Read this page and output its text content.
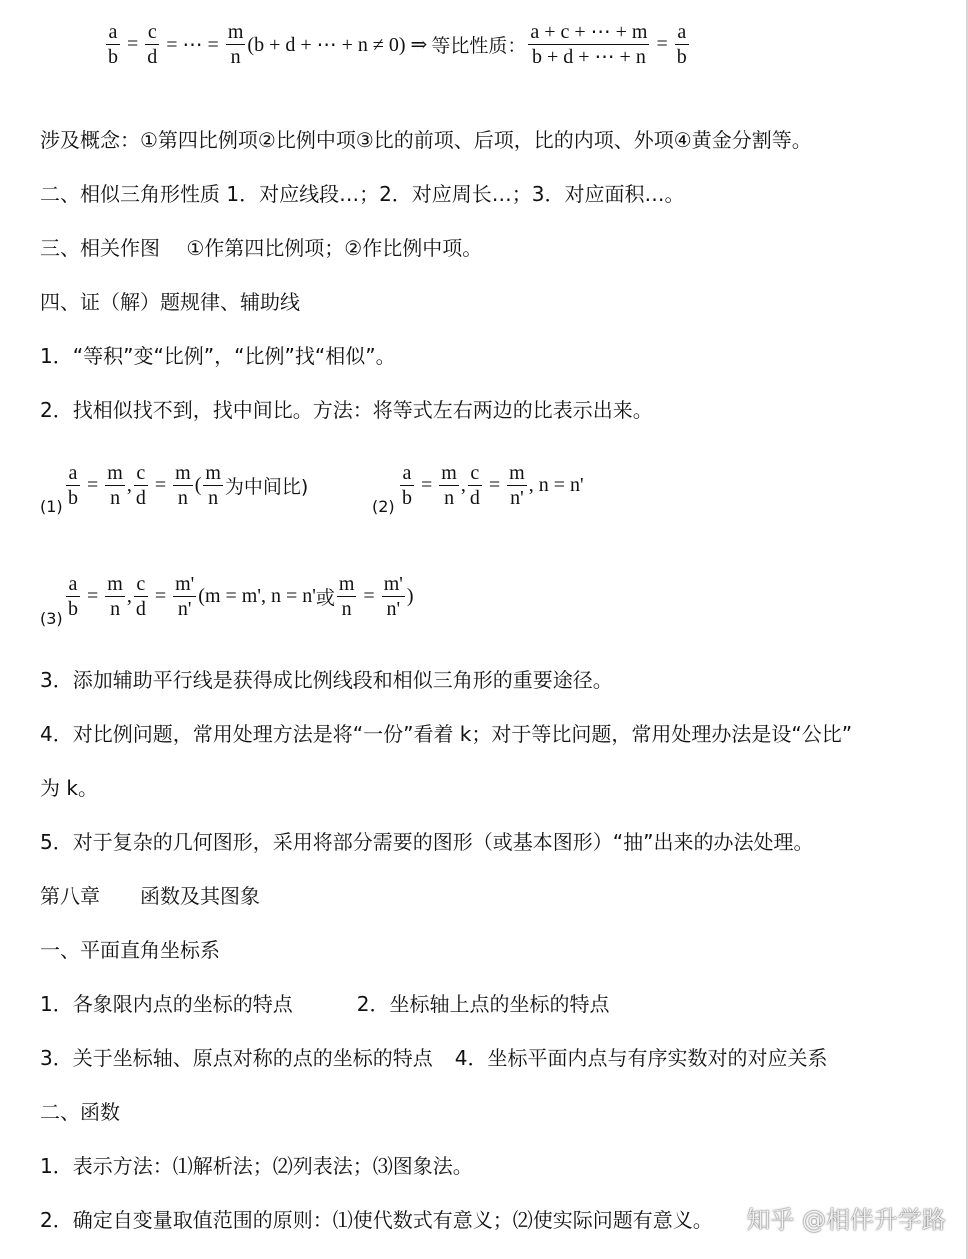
$\frac{a}{b} = \frac{c}{d}$ = ⋯ = $\frac{m}{n} (b + d$ + ⋯ + n ≠ 0) ⇒ 等比性质： $\frac{a + c + \cdots + m}{b + d + \cdots + n} = \frac{a}{b}$
涉及概念：①第四比例项②比例中项③比的前项、后项，比的内项、外项④黄金分割等。
二、相似三角形性质 1．对应线段…；2．对应周长…；3．对应面积…。
三、相关作图　 ①作第四比例项；②作比例中项。
四、证（解）题规律、辅助线
1．“等积”变“比例”，“比例”找“相似”。
2．找相似找不到，找中间比。方法：将等式左右两边的比表示出来。
$(1) \frac{a}{b} = \frac{m}{n}$ , $\frac{c}{d} = \frac{m}{n}$ ( $\frac{m}{n}$ 为中间比)
$(2) \frac{a}{b} = \frac{m}{n}$ , $\frac{c}{d} = \frac{m}{n'}$ , n = n'
$(3) \frac{a}{b} = \frac{m}{n}$ , $\frac{c}{d} = \frac{m'}{n'} (m = m'$, n = n' 或 $\frac{m}{n} = \frac{m'}{n'}$ )
3．添加辅助平行线是获得成比例线段和相似三角形的重要途径。
4．对比例问题，常用处理方法是将“一份”看着 k；对于等比问题，常用处理办法是设“公比”
为 k。
5．对于复杂的几何图形，采用将部分需要的图形（或基本图形）“抽”出来的办法处理。
第八章　　函数及其图象
一、平面直角坐标系
1．各象限内点的坐标的特点	2．坐标轴上点的坐标的特点
3．关于坐标轴、原点对称的点的坐标的特点 4．坐标平面内点与有序实数对的对应关系
二、函数
1．表示方法：⑴解析法；⑵列表法；⑶图象法。
2．确定自变量取值范围的原则：⑴使代数式有意义；⑵使实际问题有意义。 知乎 @相伴升学路
